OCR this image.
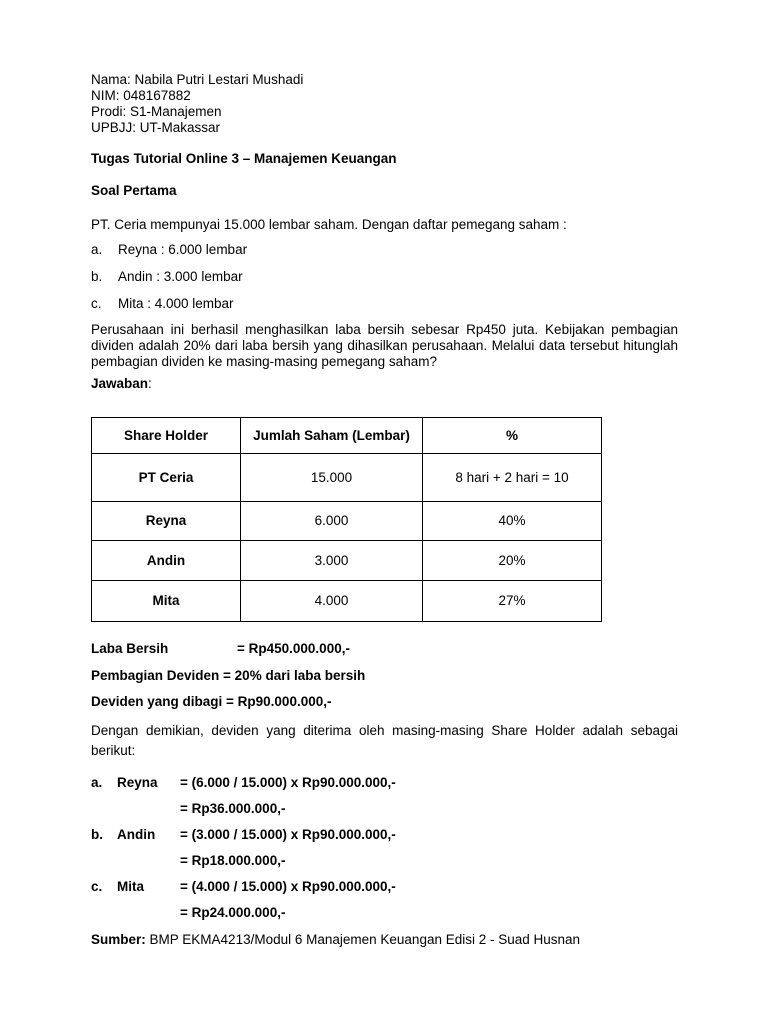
Nama: Nabila Putri Lestari Mushadi
NIM: 048167882
Prodi: S1-Manajemen
UPBJJ: UT-Makassar
Tugas Tutorial Online 3 – Manajemen Keuangan
Soal Pertama
PT. Ceria mempunyai 15.000 lembar saham. Dengan daftar pemegang saham :
a. Reyna : 6.000 lembar
b. Andin : 3.000 lembar
c. Mita : 4.000 lembar
Perusahaan ini berhasil menghasilkan laba bersih sebesar Rp450 juta. Kebijakan pembagian dividen adalah 20% dari laba bersih yang dihasilkan perusahaan. Melalui data tersebut hitunglah pembagian dividen ke masing-masing pemegang saham?
Jawaban:
Share Holder	Jumlah Saham (Lembar)	%
PT Ceria	15.000	8 hari + 2 hari = 10
Reyna	6.000	40%
Andin	3.000	20%
Mita	4.000	27%
Laba Bersih	= Rp450.000.000,-
Pembagian Deviden = 20% dari laba bersih
Deviden yang dibagi = Rp90.000.000,-
Dengan demikian, deviden yang diterima oleh masing-masing Share Holder adalah sebagai berikut:
a. Reyna = (6.000 / 15.000) x Rp90.000.000,-
= Rp36.000.000,-
b. Andin = (3.000 / 15.000) x Rp90.000.000,-
= Rp18.000.000,-
c. Mita	= (4.000 / 15.000) x Rp90.000.000,-
= Rp24.000.000,-
Sumber: BMP EKMA4213/Modul 6 Manajemen Keuangan Edisi 2 - Suad Husnan
